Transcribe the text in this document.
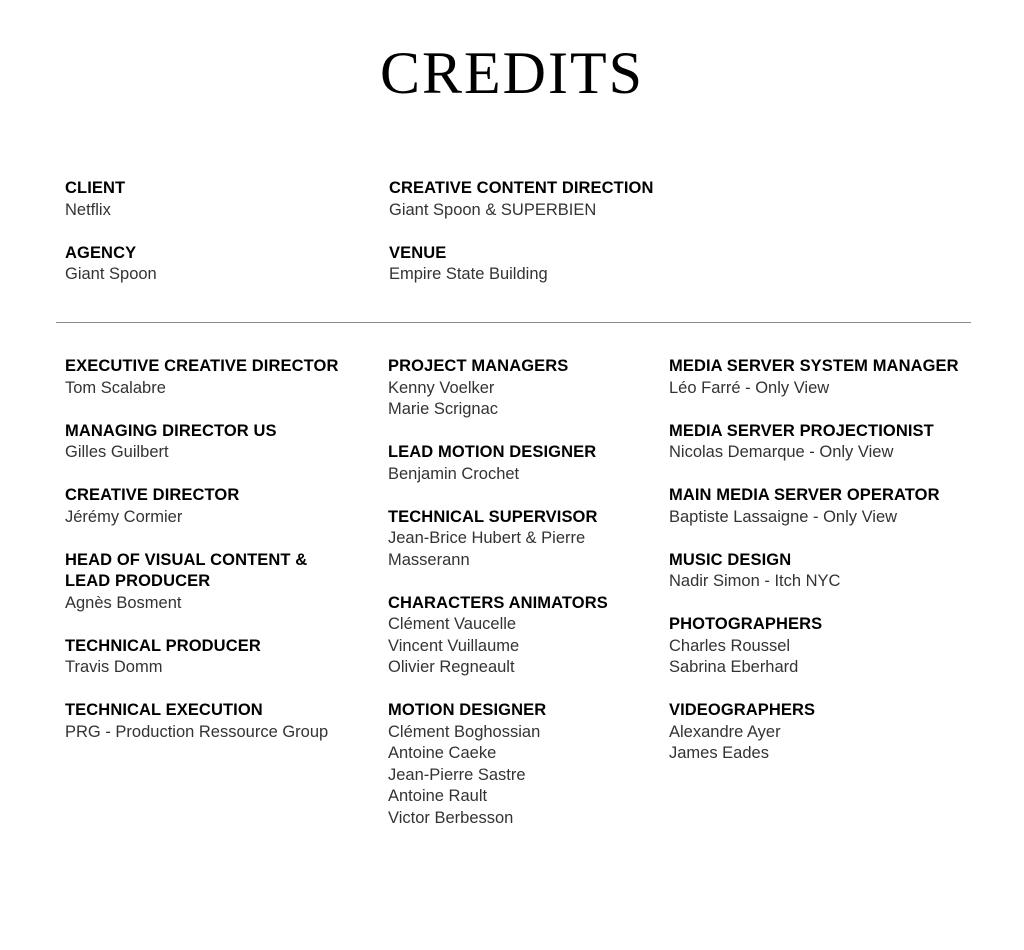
CREDITS
CLIENT
Netflix
AGENCY
Giant Spoon
CREATIVE CONTENT DIRECTION
Giant Spoon & SUPERBIEN
VENUE
Empire State Building
EXECUTIVE CREATIVE DIRECTOR
Tom Scalabre
MANAGING DIRECTOR US
Gilles Guilbert
CREATIVE DIRECTOR
Jérémy Cormier
HEAD OF VISUAL CONTENT &
LEAD PRODUCER
Agnès Bosment
TECHNICAL PRODUCER
Travis Domm
TECHNICAL EXECUTION
PRG - Production Ressource Group
PROJECT MANAGERS
Kenny Voelker
Marie Scrignac
LEAD MOTION DESIGNER
Benjamin Crochet
TECHNICAL SUPERVISOR
Jean-Brice Hubert & Pierre
Masserann
CHARACTERS ANIMATORS
Clément Vaucelle
Vincent Vuillaume
Olivier Regneault
MOTION DESIGNER
Clément Boghossian
Antoine Caeke
Jean-Pierre Sastre
Antoine Rault
Victor Berbesson
MEDIA SERVER SYSTEM MANAGER
Léo Farré - Only View
MEDIA SERVER PROJECTIONIST
Nicolas Demarque - Only View
MAIN MEDIA SERVER OPERATOR
Baptiste Lassaigne - Only View
MUSIC DESIGN
Nadir Simon - Itch NYC
PHOTOGRAPHERS
Charles Roussel
Sabrina Eberhard
VIDEOGRAPHERS
Alexandre Ayer
James Eades
